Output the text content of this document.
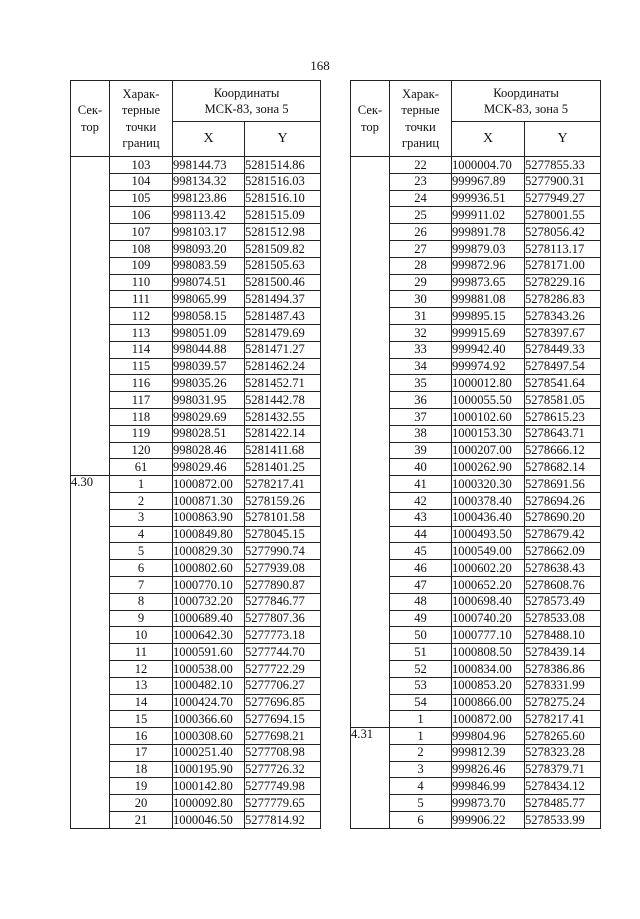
168
Сек-
тор	Харак-
терные
точки
границ	Координаты
МСК-83, зона 5	
		X	Y
	103	998144.73	5281514.86
	104	998134.32	5281516.03
	105	998123.86	5281516.10
	106	998113.42	5281515.09
	107	998103.17	5281512.98
	108	998093.20	5281509.82
	109	998083.59	5281505.63
	110	998074.51	5281500.46
	111	998065.99	5281494.37
	112	998058.15	5281487.43
	113	998051.09	5281479.69
	114	998044.88	5281471.27
	115	998039.57	5281462.24
	116	998035.26	5281452.71
	117	998031.95	5281442.78
	118	998029.69	5281432.55
	119	998028.51	5281422.14
	120	998028.46	5281411.68
	61	998029.46	5281401.25
4.30	1	1000872.00	5278217.41
	2	1000871.30	5278159.26
	3	1000863.90	5278101.58
	4	1000849.80	5278045.15
	5	1000829.30	5277990.74
	6	1000802.60	5277939.08
	7	1000770.10	5277890.87
	8	1000732.20	5277846.77
	9	1000689.40	5277807.36
	10	1000642.30	5277773.18
	11	1000591.60	5277744.70
	12	1000538.00	5277722.29
	13	1000482.10	5277706.27
	14	1000424.70	5277696.85
	15	1000366.60	5277694.15
	16	1000308.60	5277698.21
	17	1000251.40	5277708.98
	18	1000195.90	5277726.32
	19	1000142.80	5277749.98
	20	1000092.80	5277779.65
	21	1000046.50	5277814.92
Сек-
тор	Харак-
терные
точки
границ	Координаты
МСК-83, зона 5	
		X	Y
	22	1000004.70	5277855.33
	23	999967.89	5277900.31
	24	999936.51	5277949.27
	25	999911.02	5278001.55
	26	999891.78	5278056.42
	27	999879.03	5278113.17
	28	999872.96	5278171.00
	29	999873.65	5278229.16
	30	999881.08	5278286.83
	31	999895.15	5278343.26
	32	999915.69	5278397.67
	33	999942.40	5278449.33
	34	999974.92	5278497.54
	35	1000012.80	5278541.64
	36	1000055.50	5278581.05
	37	1000102.60	5278615.23
	38	1000153.30	5278643.71
	39	1000207.00	5278666.12
	40	1000262.90	5278682.14
	41	1000320.30	5278691.56
	42	1000378.40	5278694.26
	43	1000436.40	5278690.20
	44	1000493.50	5278679.42
	45	1000549.00	5278662.09
	46	1000602.20	5278638.43
	47	1000652.20	5278608.76
	48	1000698.40	5278573.49
	49	1000740.20	5278533.08
	50	1000777.10	5278488.10
	51	1000808.50	5278439.14
	52	1000834.00	5278386.86
	53	1000853.20	5278331.99
	54	1000866.00	5278275.24
	1	1000872.00	5278217.41
4.31	1	999804.96	5278265.60
	2	999812.39	5278323.28
	3	999826.46	5278379.71
	4	999846.99	5278434.12
	5	999873.70	5278485.77
	6	999906.22	5278533.99
